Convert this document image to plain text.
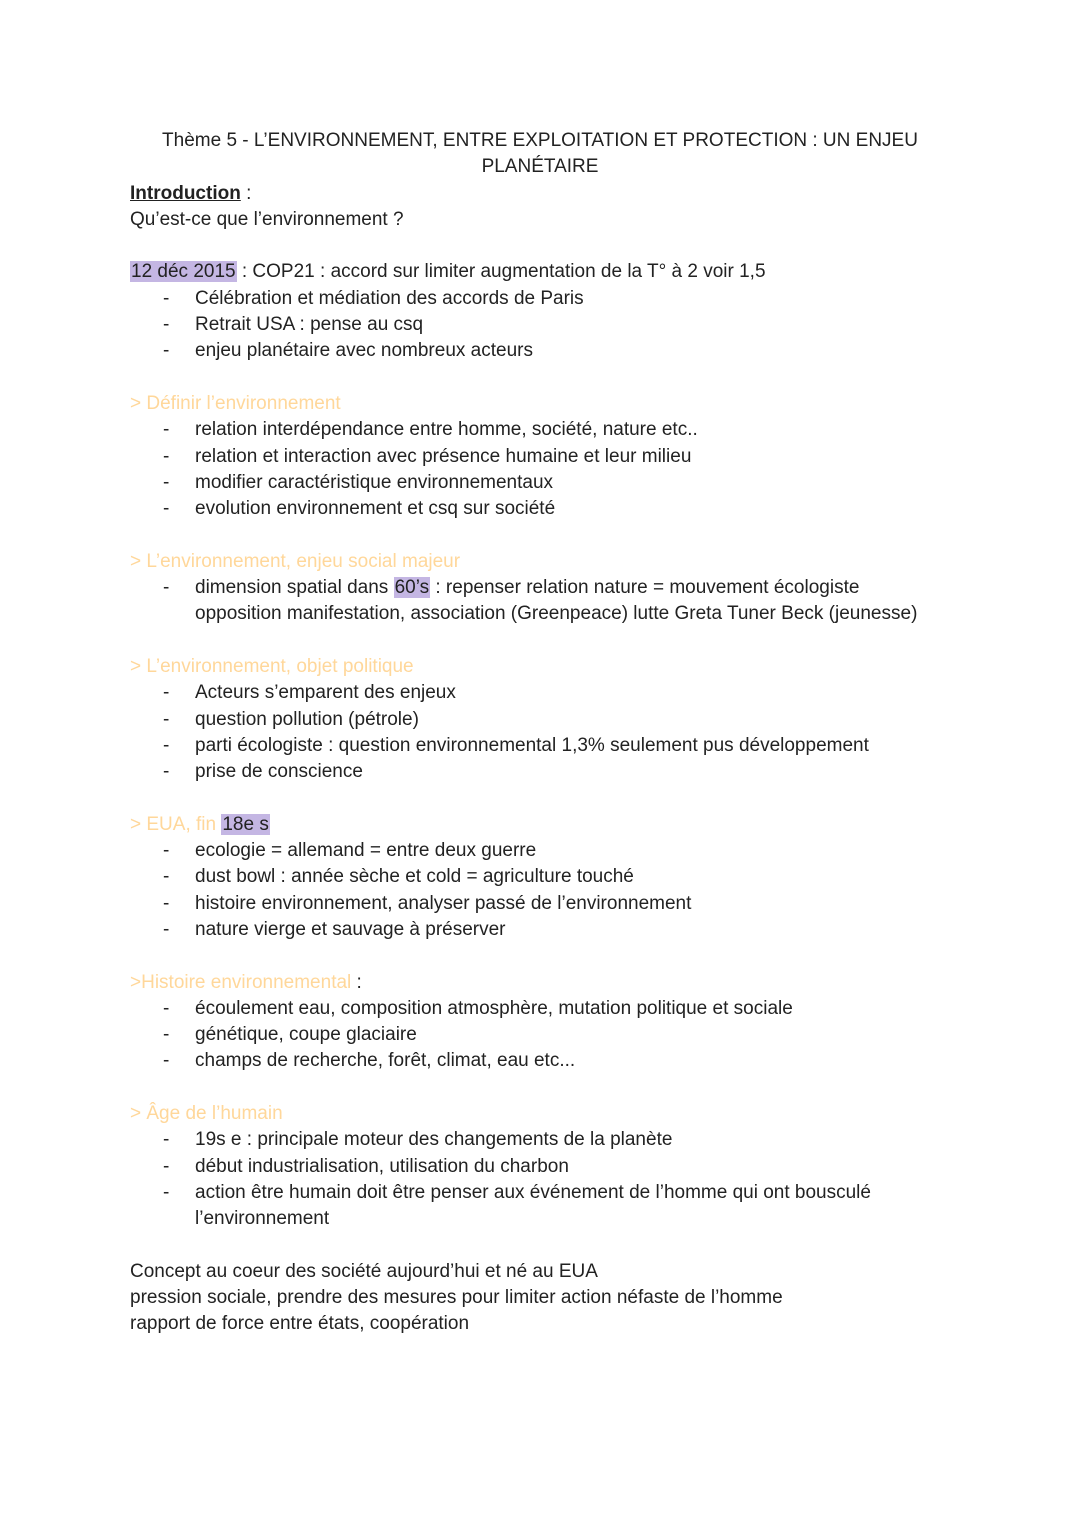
Thème 5 - L’ENVIRONNEMENT, ENTRE EXPLOITATION ET PROTECTION : UN ENJEU
PLANÉTAIRE
Introduction :
Qu’est-ce que l’environnement ?
12 déc 2015 : COP21 : accord sur limiter augmentation de la T° à 2 voir 1,5
- Célébration et médiation des accords de Paris
- Retrait USA : pense au csq
- enjeu planétaire avec nombreux acteurs
> Définir l’environnement
- relation interdépendance entre homme, société, nature etc..
- relation et interaction avec présence humaine et leur milieu
- modifier caractéristique environnementaux
- evolution environnement et csq sur société
> L’environnement, enjeu social majeur
- dimension spatial dans 60’s : repenser relation nature = mouvement écologiste opposition manifestation, association (Greenpeace) lutte Greta Tuner Beck (jeunesse)
> L’environnement, objet politique
- Acteurs s’emparent des enjeux
- question pollution (pétrole)
- parti écologiste : question environnemental 1,3% seulement pus développement
- prise de conscience
> EUA, fin 18e s
- ecologie = allemand = entre deux guerre
- dust bowl : année sèche et cold = agriculture touché
- histoire environnement, analyser passé de l’environnement
- nature vierge et sauvage à préserver
>Histoire environnemental :
- écoulement eau, composition atmosphère, mutation politique et sociale
- génétique, coupe glaciaire
- champs de recherche, forêt, climat, eau etc...
> Âge de l’humain
- 19s e : principale moteur des changements de la planète
- début industrialisation, utilisation du charbon
- action être humain doit être penser aux événement de l’homme qui ont bousculé l’environnement
Concept au coeur des société aujourd’hui et né au EUA
pression sociale, prendre des mesures pour limiter action néfaste de l’homme
rapport de force entre états, coopération
